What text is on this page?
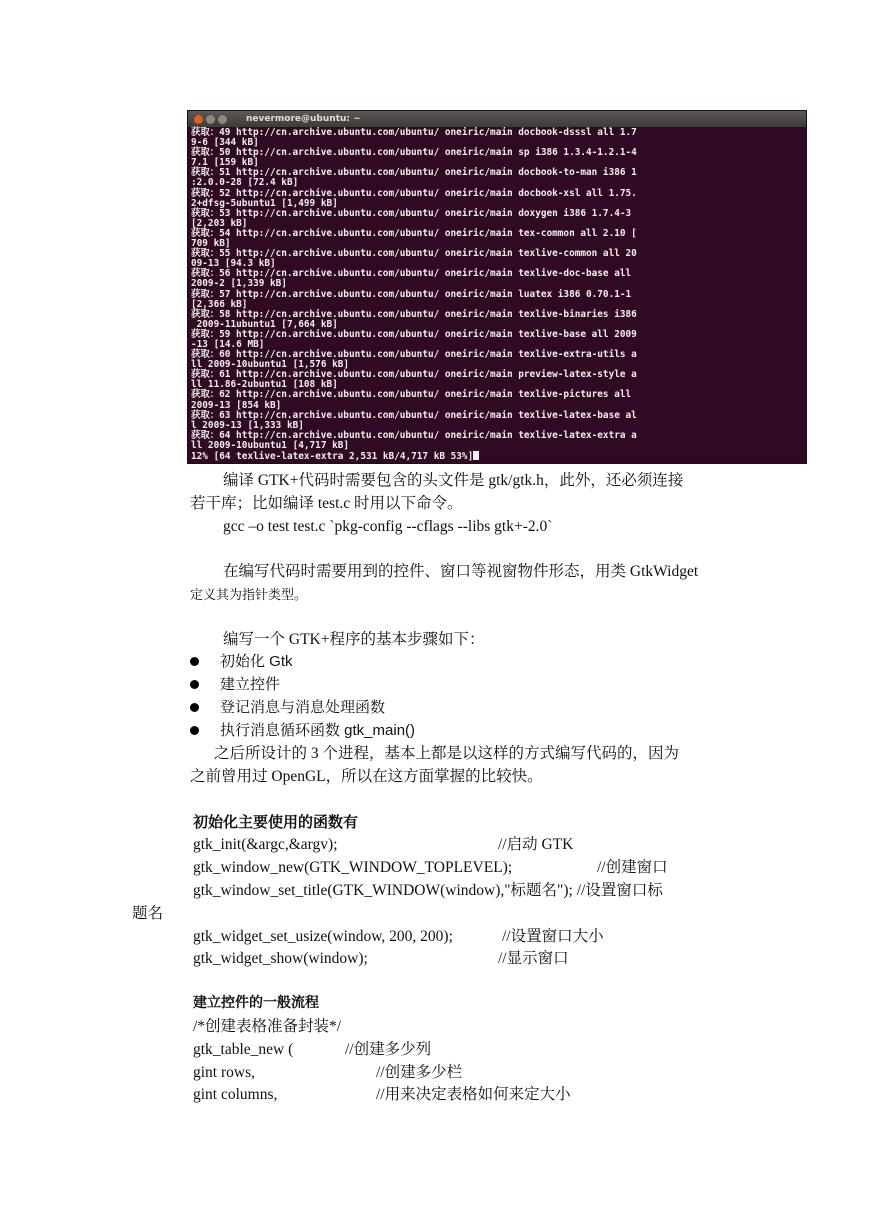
nevermore@ubuntu: ~
获取：49 http://cn.archive.ubuntu.com/ubuntu/ oneiric/main docbook-dsssl all 1.7
9-6 [344 kB]
获取：50 http://cn.archive.ubuntu.com/ubuntu/ oneiric/main sp i386 1.3.4-1.2.1-4
7.1 [159 kB]
获取：51 http://cn.archive.ubuntu.com/ubuntu/ oneiric/main docbook-to-man i386 1
:2.0.0-28 [72.4 kB]
获取：52 http://cn.archive.ubuntu.com/ubuntu/ oneiric/main docbook-xsl all 1.75.
2+dfsg-5ubuntu1 [1,499 kB]
获取：53 http://cn.archive.ubuntu.com/ubuntu/ oneiric/main doxygen i386 1.7.4-3
[2,203 kB]
获取：54 http://cn.archive.ubuntu.com/ubuntu/ oneiric/main tex-common all 2.10 [
709 kB]
获取：55 http://cn.archive.ubuntu.com/ubuntu/ oneiric/main texlive-common all 20
09-13 [94.3 kB]
获取：56 http://cn.archive.ubuntu.com/ubuntu/ oneiric/main texlive-doc-base all
2009-2 [1,339 kB]
获取：57 http://cn.archive.ubuntu.com/ubuntu/ oneiric/main luatex i386 0.70.1-1
[2,366 kB]
获取：58 http://cn.archive.ubuntu.com/ubuntu/ oneiric/main texlive-binaries i386
2009-11ubuntu1 [7,664 kB]
获取：59 http://cn.archive.ubuntu.com/ubuntu/ oneiric/main texlive-base all 2009
-13 [14.6 MB]
获取：60 http://cn.archive.ubuntu.com/ubuntu/ oneiric/main texlive-extra-utils a
ll 2009-10ubuntu1 [1,576 kB]
获取：61 http://cn.archive.ubuntu.com/ubuntu/ oneiric/main preview-latex-style a
ll 11.86-2ubuntu1 [108 kB]
获取：62 http://cn.archive.ubuntu.com/ubuntu/ oneiric/main texlive-pictures all
2009-13 [854 kB]
获取：63 http://cn.archive.ubuntu.com/ubuntu/ oneiric/main texlive-latex-base al
l 2009-13 [1,333 kB]
获取：64 http://cn.archive.ubuntu.com/ubuntu/ oneiric/main texlive-latex-extra a
ll 2009-10ubuntu1 [4,717 kB]
12% [64 texlive-latex-extra 2,531 kB/4,717 kB 53%]
编译 GTK+代码时需要包含的头文件是 gtk/gtk.h，此外，还必须连接
若干库；比如编译 test.c 时用以下命令。
gcc –o test test.c `pkg-config --cflags --libs gtk+-2.0`
在编写代码时需要用到的控件、窗口等视窗物件形态，用类 GtkWidget
定义其为指针类型。
编写一个 GTK+程序的基本步骤如下：
初始化 Gtk
建立控件
登记消息与消息处理函数
执行消息循环函数 gtk_main()
之后所设计的 3 个进程，基本上都是以这样的方式编写代码的，因为
之前曾用过 OpenGL，所以在这方面掌握的比较快。
初始化主要使用的函数有
gtk_init(&argc,&argv);	//启动 GTK
gtk_window_new(GTK_WINDOW_TOPLEVEL);	//创建窗口
gtk_window_set_title(GTK_WINDOW(window),"标题名"); //设置窗口标
题名
gtk_widget_set_usize(window, 200, 200);	//设置窗口大小
gtk_widget_show(window);	//显示窗口
建立控件的一般流程
/*创建表格准备封装*/
gtk_table_new (	//创建多少列
gint rows,	//创建多少栏
gint columns,	//用来决定表格如何来定大小
